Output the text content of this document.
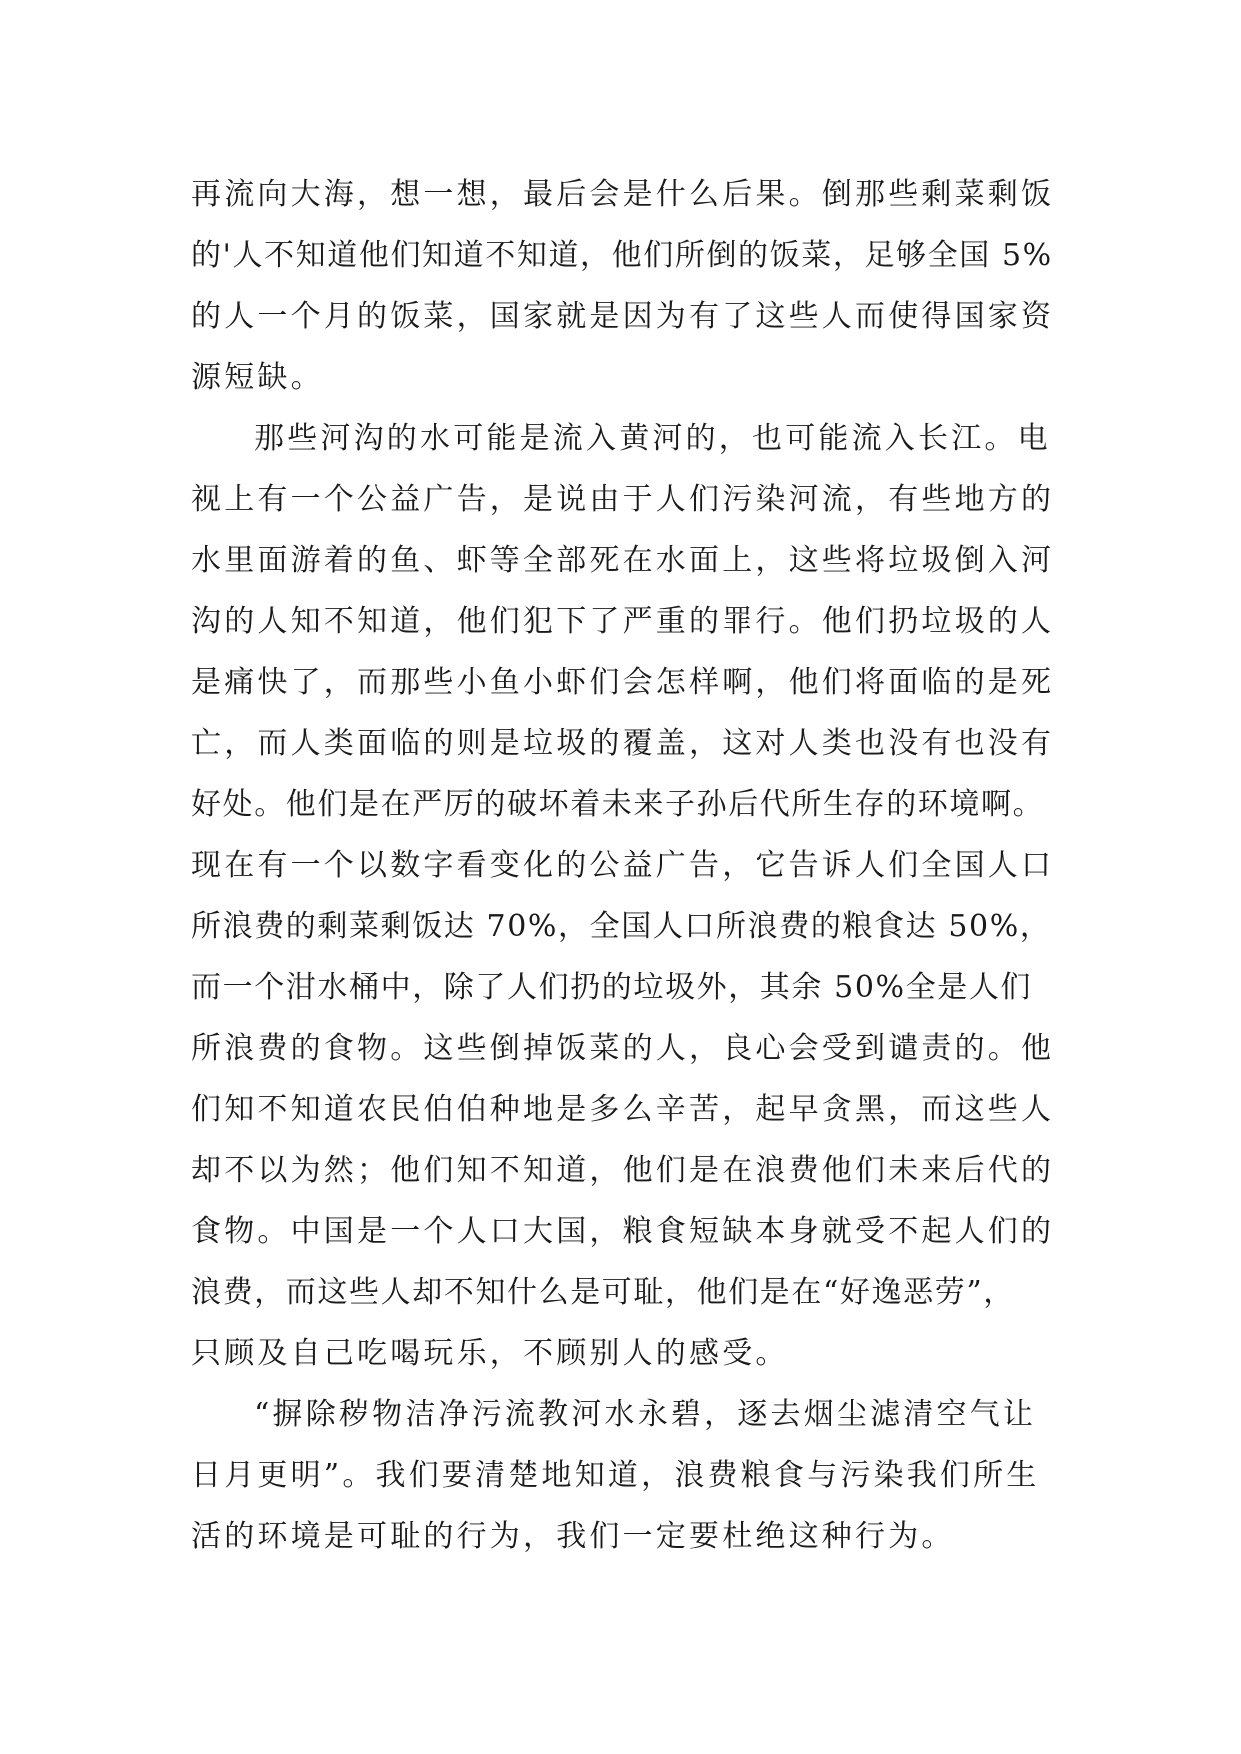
再流向大海，想一想，最后会是什么后果。倒那些剩菜剩饭
的'人不知道他们知道不知道，他们所倒的饭菜，足够全国 5%
的人一个月的饭菜，国家就是因为有了这些人而使得国家资
源短缺。
那些河沟的水可能是流入黄河的，也可能流入长江。电
视上有一个公益广告，是说由于人们污染河流，有些地方的
水里面游着的鱼、虾等全部死在水面上，这些将垃圾倒入河
沟的人知不知道，他们犯下了严重的罪行。他们扔垃圾的人
是痛快了，而那些小鱼小虾们会怎样啊，他们将面临的是死
亡，而人类面临的则是垃圾的覆盖，这对人类也没有也没有
好处。他们是在严厉的破坏着未来子孙后代所生存的环境啊。
现在有一个以数字看变化的公益广告，它告诉人们全国人口
所浪费的剩菜剩饭达 70%，全国人口所浪费的粮食达 50%，
而一个泔水桶中，除了人们扔的垃圾外，其余 50%全是人们
所浪费的食物。这些倒掉饭菜的人，良心会受到谴责的。他
们知不知道农民伯伯种地是多么辛苦，起早贪黑，而这些人
却不以为然；他们知不知道，他们是在浪费他们未来后代的
食物。中国是一个人口大国，粮食短缺本身就受不起人们的
浪费，而这些人却不知什么是可耻，他们是在“好逸恶劳”，
只顾及自己吃喝玩乐，不顾别人的感受。
“摒除秽物洁净污流教河水永碧，逐去烟尘滤清空气让
日月更明”。我们要清楚地知道，浪费粮食与污染我们所生
活的环境是可耻的行为，我们一定要杜绝这种行为。
